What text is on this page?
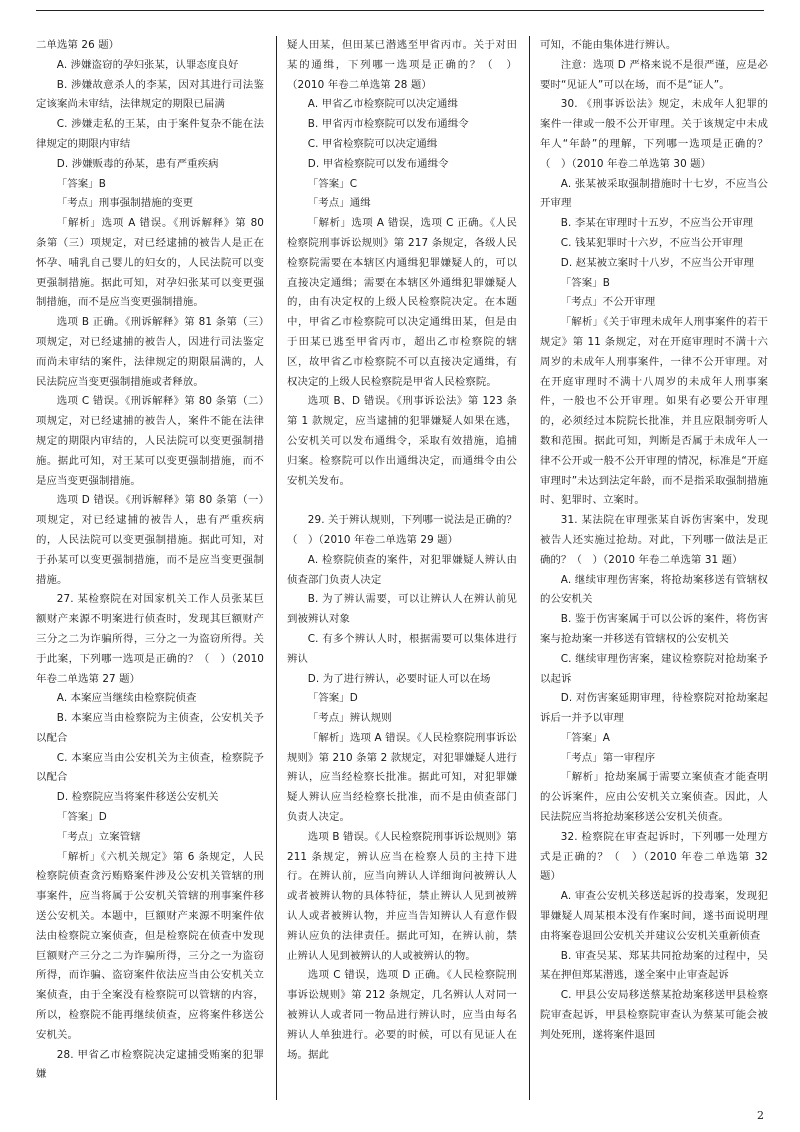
二单选第 26 题）

A. 涉嫌盗窃的孕妇张某，认罪态度良好

B. 涉嫌故意杀人的李某，因对其进行司法鉴定该案尚未审结，法律规定的期限已届满

C. 涉嫌走私的王某，由于案件复杂不能在法律规定的期限内审结

D. 涉嫌贩毒的孙某，患有严重疾病

「答案」B

「考点」刑事强制措施的变更

「解析」选项 A 错误。《刑诉解释》第 80 条第（三）项规定，对已经逮捕的被告人是正在怀孕、哺乳自己婴儿的妇女的，人民法院可以变更强制措施。据此可知，对孕妇张某可以变更强制措施，而不是应当变更强制措施。

选项 B 正确。《刑诉解释》第 81 条第（三）项规定，对已经逮捕的被告人，因进行司法鉴定而尚未审结的案件，法律规定的期限届满的，人民法院应当变更强制措施或者释放。

选项 C 错误。《刑诉解释》第 80 条第（二）项规定，对已经逮捕的被告人，案件不能在法律规定的期限内审结的，人民法院可以变更强制措施。据此可知，对王某可以变更强制措施，而不是应当变更强制措施。

选项 D 错误。《刑诉解释》第 80 条第（一）项规定，对已经逮捕的被告人，患有严重疾病的，人民法院可以变更强制措施。据此可知，对于孙某可以变更强制措施，而不是应当变更强制措施。

27. 某检察院在对国家机关工作人员张某巨额财产来源不明案进行侦查时，发现其巨额财产三分之二为诈骗所得，三分之一为盗窃所得。关于此案，下列哪一选项是正确的？（　）（2010 年卷二单选第 27 题）

A. 本案应当继续由检察院侦查

B. 本案应当由检察院为主侦查，公安机关予以配合

C. 本案应当由公安机关为主侦查，检察院予以配合

D. 检察院应当将案件移送公安机关

「答案」D

「考点」立案管辖

「解析」《六机关规定》第 6 条规定，人民检察院侦查贪污贿赂案件涉及公安机关管辖的刑事案件，应当将属于公安机关管辖的刑事案件移送公安机关。本题中，巨额财产来源不明案件依法由检察院立案侦查，但是检察院在侦查中发现巨额财产三分之二为诈骗所得，三分之一为盗窃所得，而诈骗、盗窃案件依法应当由公安机关立案侦查，由于全案没有检察院可以管辖的内容，所以，检察院不能再继续侦查，应将案件移送公安机关。

28. 甲省乙市检察院决定逮捕受贿案的犯罪嫌

疑人田某，但田某已潜逃至甲省丙市。关于对田某的通缉，下列哪一选项是正确的？（　）（2010 年卷二单选第 28 题）

A. 甲省乙市检察院可以决定通缉

B. 甲省丙市检察院可以发布通缉令

C. 甲省检察院可以决定通缉

D. 甲省检察院可以发布通缉令

「答案」C

「考点」通缉

「解析」选项 A 错误，选项 C 正确。《人民检察院刑事诉讼规则》第 217 条规定，各级人民检察院需要在本辖区内通缉犯罪嫌疑人的，可以直接决定通缉；需要在本辖区外通缉犯罪嫌疑人的，由有决定权的上级人民检察院决定。在本题中，甲省乙市检察院可以决定通缉田某，但是由于田某已逃至甲省丙市，超出乙市检察院的辖区，故甲省乙市检察院不可以直接决定通缉，有权决定的上级人民检察院是甲省人民检察院。

选项 B、D 错误。《刑事诉讼法》第 123 条第 1 款规定，应当逮捕的犯罪嫌疑人如果在逃，公安机关可以发布通缉令，采取有效措施，追捕归案。检察院可以作出通缉决定，而通缉令由公安机关发布。

29. 关于辨认规则，下列哪一说法是正确的？（　）（2010 年卷二单选第 29 题）

A. 检察院侦查的案件，对犯罪嫌疑人辨认由侦查部门负责人决定

B. 为了辨认需要，可以让辨认人在辨认前见到被辨认对象

C. 有多个辨认人时，根据需要可以集体进行辨认

D. 为了进行辨认，必要时证人可以在场

「答案」D

「考点」辨认规则

「解析」选项 A 错误。《人民检察院刑事诉讼规则》第 210 条第 2 款规定，对犯罪嫌疑人进行辨认，应当经检察长批准。据此可知，对犯罪嫌疑人辨认应当经检察长批准，而不是由侦查部门负责人决定。

选项 B 错误。《人民检察院刑事诉讼规则》第 211 条规定，辨认应当在检察人员的主持下进行。在辨认前，应当向辨认人详细询问被辨认人或者被辨认物的具体特征，禁止辨认人见到被辨认人或者被辨认物，并应当告知辨认人有意作假辨认应负的法律责任。据此可知，在辨认前，禁止辨认人见到被辨认的人或被辨认的物。

选项 C 错误，选项 D 正确。《人民检察院刑事诉讼规则》第 212 条规定，几名辨认人对同一被辨认人或者同一物品进行辨认时，应当由每名辨认人单独进行。必要的时候，可以有见证人在场。据此

可知，不能由集体进行辨认。

注意：选项 D 严格来说不是很严谨，应是必要时“见证人”可以在场，而不是“证人”。

30. 《刑事诉讼法》规定，未成年人犯罪的案件一律或一般不公开审理。关于该规定中未成年人“年龄”的理解，下列哪一选项是正确的？（　）（2010 年卷二单选第 30 题）

A. 张某被采取强制措施时十七岁，不应当公开审理

B. 李某在审理时十五岁，不应当公开审理

C. 钱某犯罪时十六岁，不应当公开审理

D. 赵某被立案时十八岁，不应当公开审理

「答案」B

「考点」不公开审理

「解析」《关于审理未成年人刑事案件的若干规定》第 11 条规定，对在开庭审理时不满十六周岁的未成年人刑事案件，一律不公开审理。对在开庭审理时不满十八周岁的未成年人刑事案件，一般也不公开审理。如果有必要公开审理的，必须经过本院院长批准，并且应限制旁听人数和范围。据此可知，判断是否属于未成年人一律不公开或一般不公开审理的情况，标准是“开庭审理时”未达到法定年龄，而不是指采取强制措施时、犯罪时、立案时。

31. 某法院在审理张某自诉伤害案中，发现被告人还实施过抢劫。对此，下列哪一做法是正确的？（　）（2010 年卷二单选第 31 题）

A. 继续审理伤害案，将抢劫案移送有管辖权的公安机关

B. 鉴于伤害案属于可以公诉的案件，将伤害案与抢劫案一并移送有管辖权的公安机关

C. 继续审理伤害案，建议检察院对抢劫案予以起诉

D. 对伤害案延期审理，待检察院对抢劫案起诉后一并予以审理

「答案」A

「考点」第一审程序

「解析」抢劫案属于需要立案侦查才能查明的公诉案件，应由公安机关立案侦查。因此，人民法院应当将抢劫案移送公安机关侦查。

32. 检察院在审查起诉时，下列哪一处理方式是正确的？（　）（2010 年卷二单选第 32 题）

A. 审查公安机关移送起诉的投毒案，发现犯罪嫌疑人周某根本没有作案时间，遂书面说明理由将案卷退回公安机关并建议公安机关重新侦查

B. 审查吴某、郑某共同抢劫案的过程中，吴某在押但郑某潜逃，遂全案中止审查起诉

C. 甲县公安局移送蔡某抢劫案移送甲县检察院审查起诉，甲县检察院审查认为蔡某可能会被判处死刑，遂将案件退回

2
